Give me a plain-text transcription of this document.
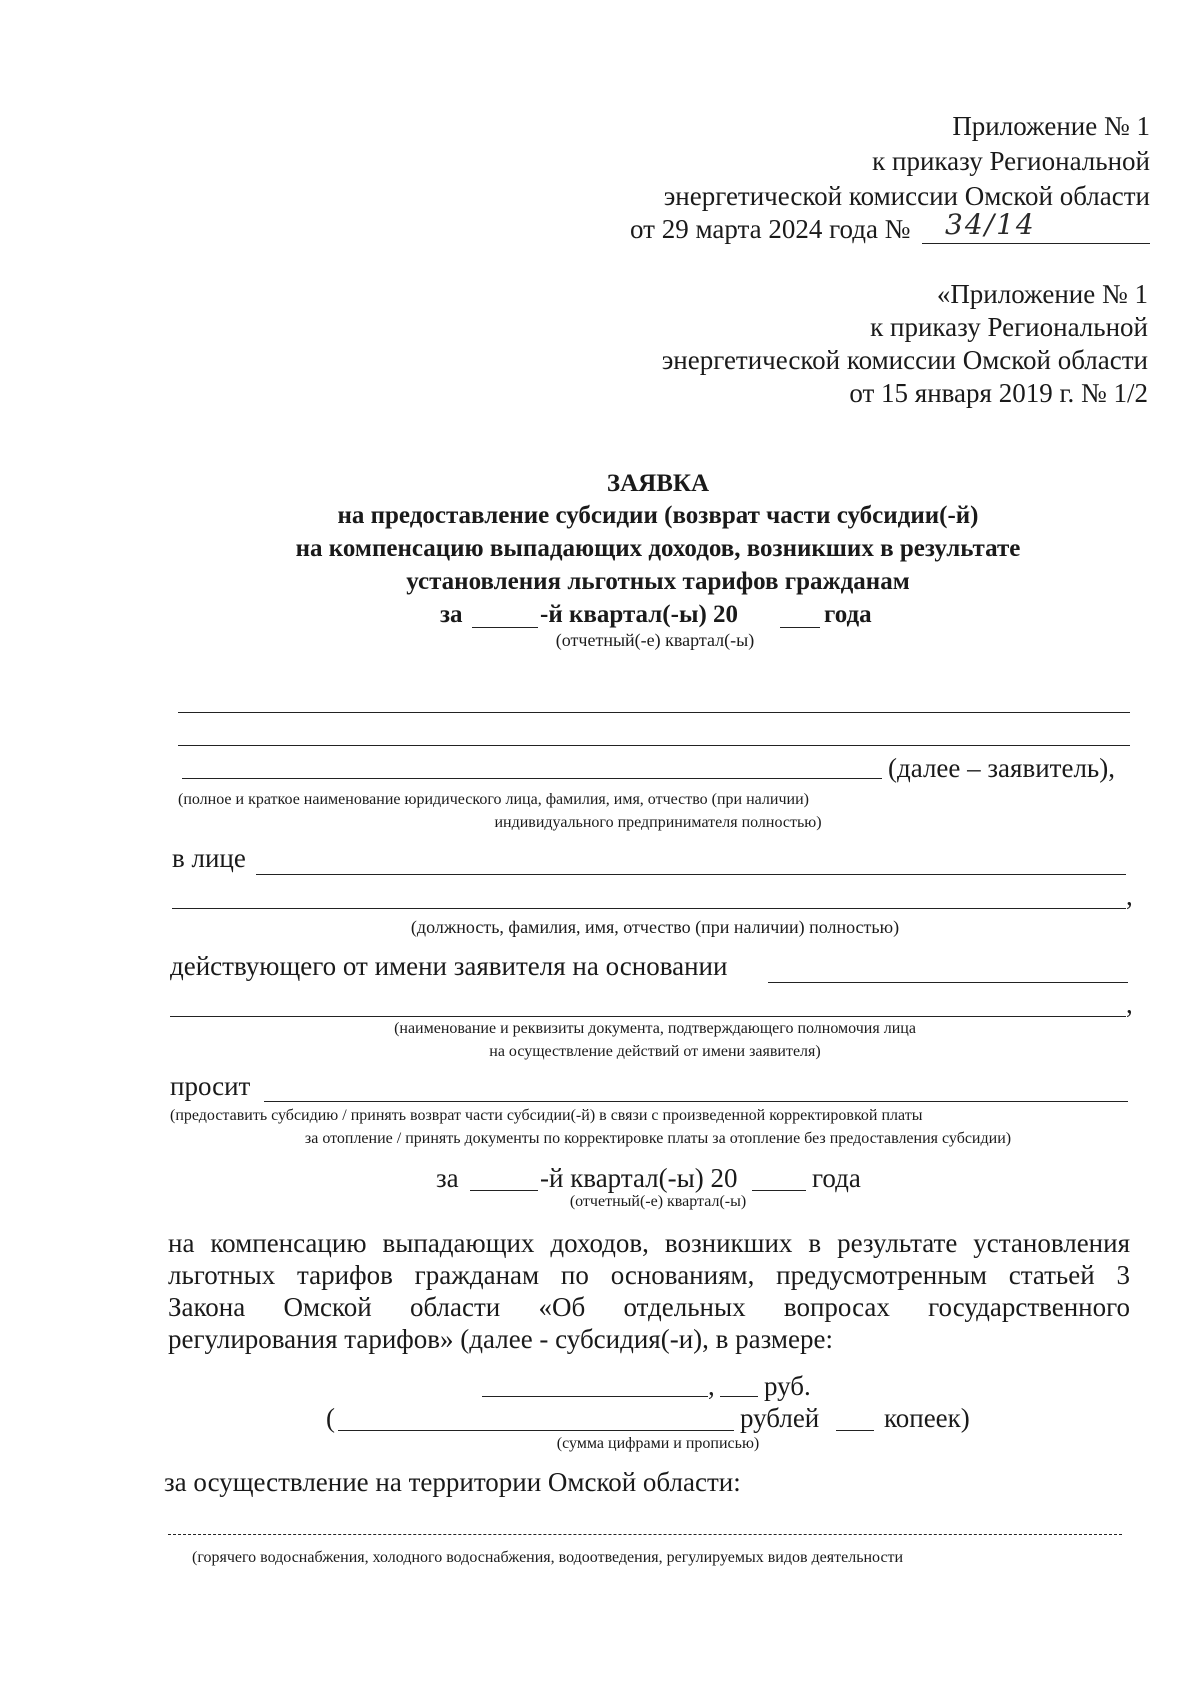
Приложение № 1
к приказу Региональной
энергетической комиссии Омской области
от 29 марта 2024 года № 34/14
«Приложение № 1
к приказу Региональной
энергетической комиссии Омской области
от 15 января 2019 г. № 1/2
ЗАЯВКА
на предоставление субсидии (возврат части субсидии(-й)
на компенсацию выпадающих доходов, возникших в результате
установления льготных тарифов гражданам
за	-й квартал(-ы) 20	года
(отчетный(-е) квартал(-ы)
(далее – заявитель),
(полное и краткое наименование юридического лица, фамилия, имя, отчество (при наличии)
индивидуального предпринимателя полностью)
в лице
,
(должность, фамилия, имя, отчество (при наличии) полностью)
действующего от имени заявителя на основании
,
(наименование и реквизиты документа, подтверждающего полномочия лица
на осуществление действий от имени заявителя)
просит
(предоставить субсидию / принять возврат части субсидии(-й) в связи с произведенной корректировкой платы
за отопление / принять документы по корректировке платы за отопление без предоставления субсидии)
за	-й квартал(-ы) 20	года
(отчетный(-е) квартал(-ы)
на компенсацию выпадающих доходов, возникших в результате установления
льготных тарифов гражданам по основаниям, предусмотренным статьей 3
Закона Омской области «Об отдельных вопросах государственного
регулирования тарифов» (далее - субсидия(-и), в размере:
, руб.
(	рублей копеек)
(сумма цифрами и прописью)
за осуществление на территории Омской области:
(горячего водоснабжения, холодного водоснабжения, водоотведения, регулируемых видов деятельности
